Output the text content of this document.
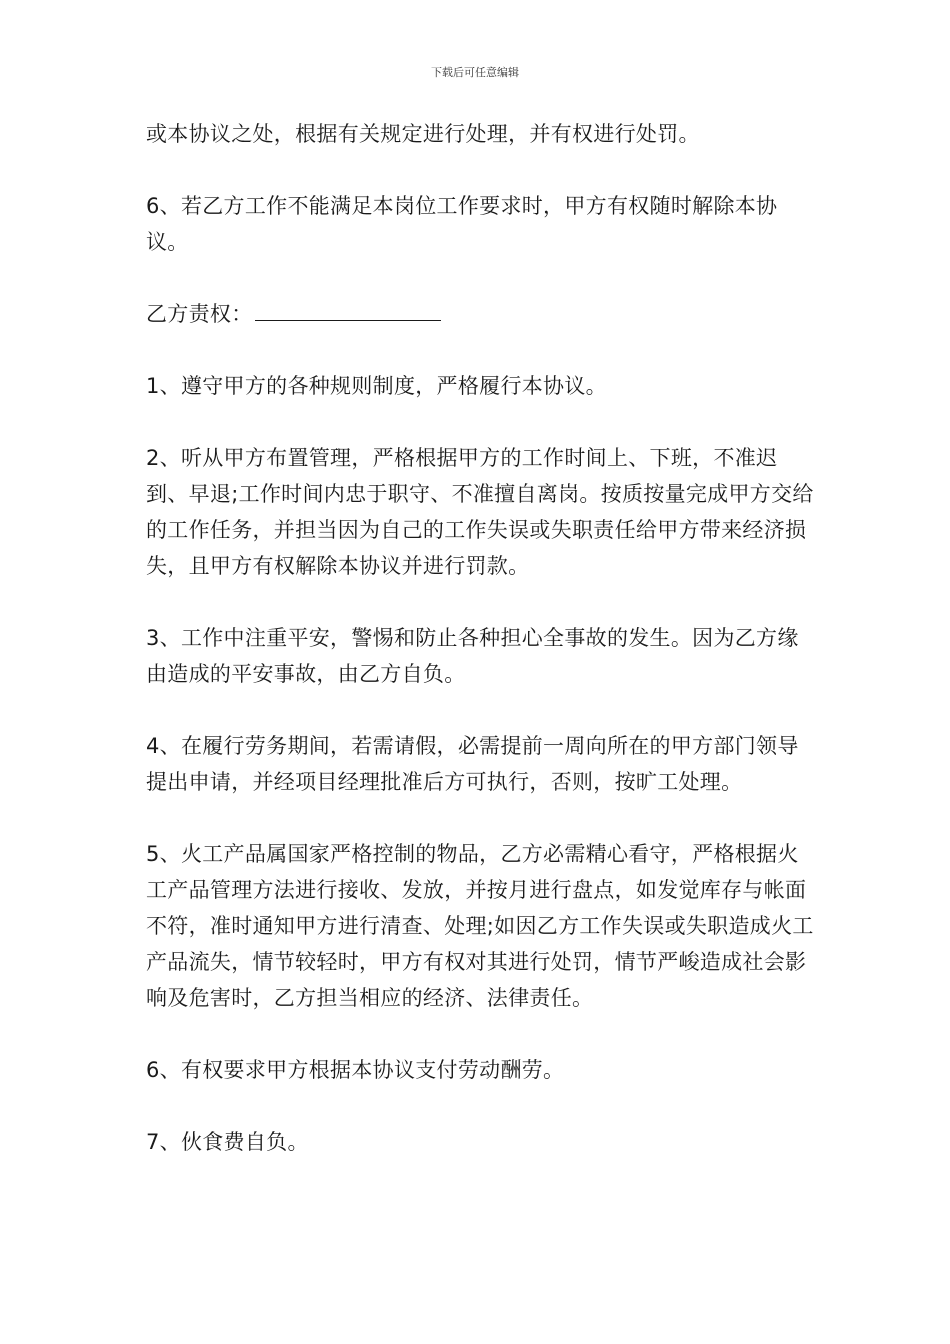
下载后可任意编辑

或本协议之处，根据有关规定进行处理，并有权进行处罚。

6、若乙方工作不能满足本岗位工作要求时，甲方有权随时解除本协议。

乙方责权：

1、遵守甲方的各种规则制度，严格履行本协议。

2、听从甲方布置管理，严格根据甲方的工作时间上、下班，不准迟到、早退;工作时间内忠于职守、不准擅自离岗。按质按量完成甲方交给的工作任务，并担当因为自己的工作失误或失职责任给甲方带来经济损失，且甲方有权解除本协议并进行罚款。

3、工作中注重平安，警惕和防止各种担心全事故的发生。因为乙方缘由造成的平安事故，由乙方自负。

4、在履行劳务期间，若需请假，必需提前一周向所在的甲方部门领导提出申请，并经项目经理批准后方可执行，否则，按旷工处理。

5、火工产品属国家严格控制的物品，乙方必需精心看守，严格根据火工产品管理方法进行接收、发放，并按月进行盘点，如发觉库存与帐面不符，准时通知甲方进行清查、处理;如因乙方工作失误或失职造成火工产品流失，情节较轻时，甲方有权对其进行处罚，情节严峻造成社会影响及危害时，乙方担当相应的经济、法律责任。

6、有权要求甲方根据本协议支付劳动酬劳。

7、伙食费自负。
